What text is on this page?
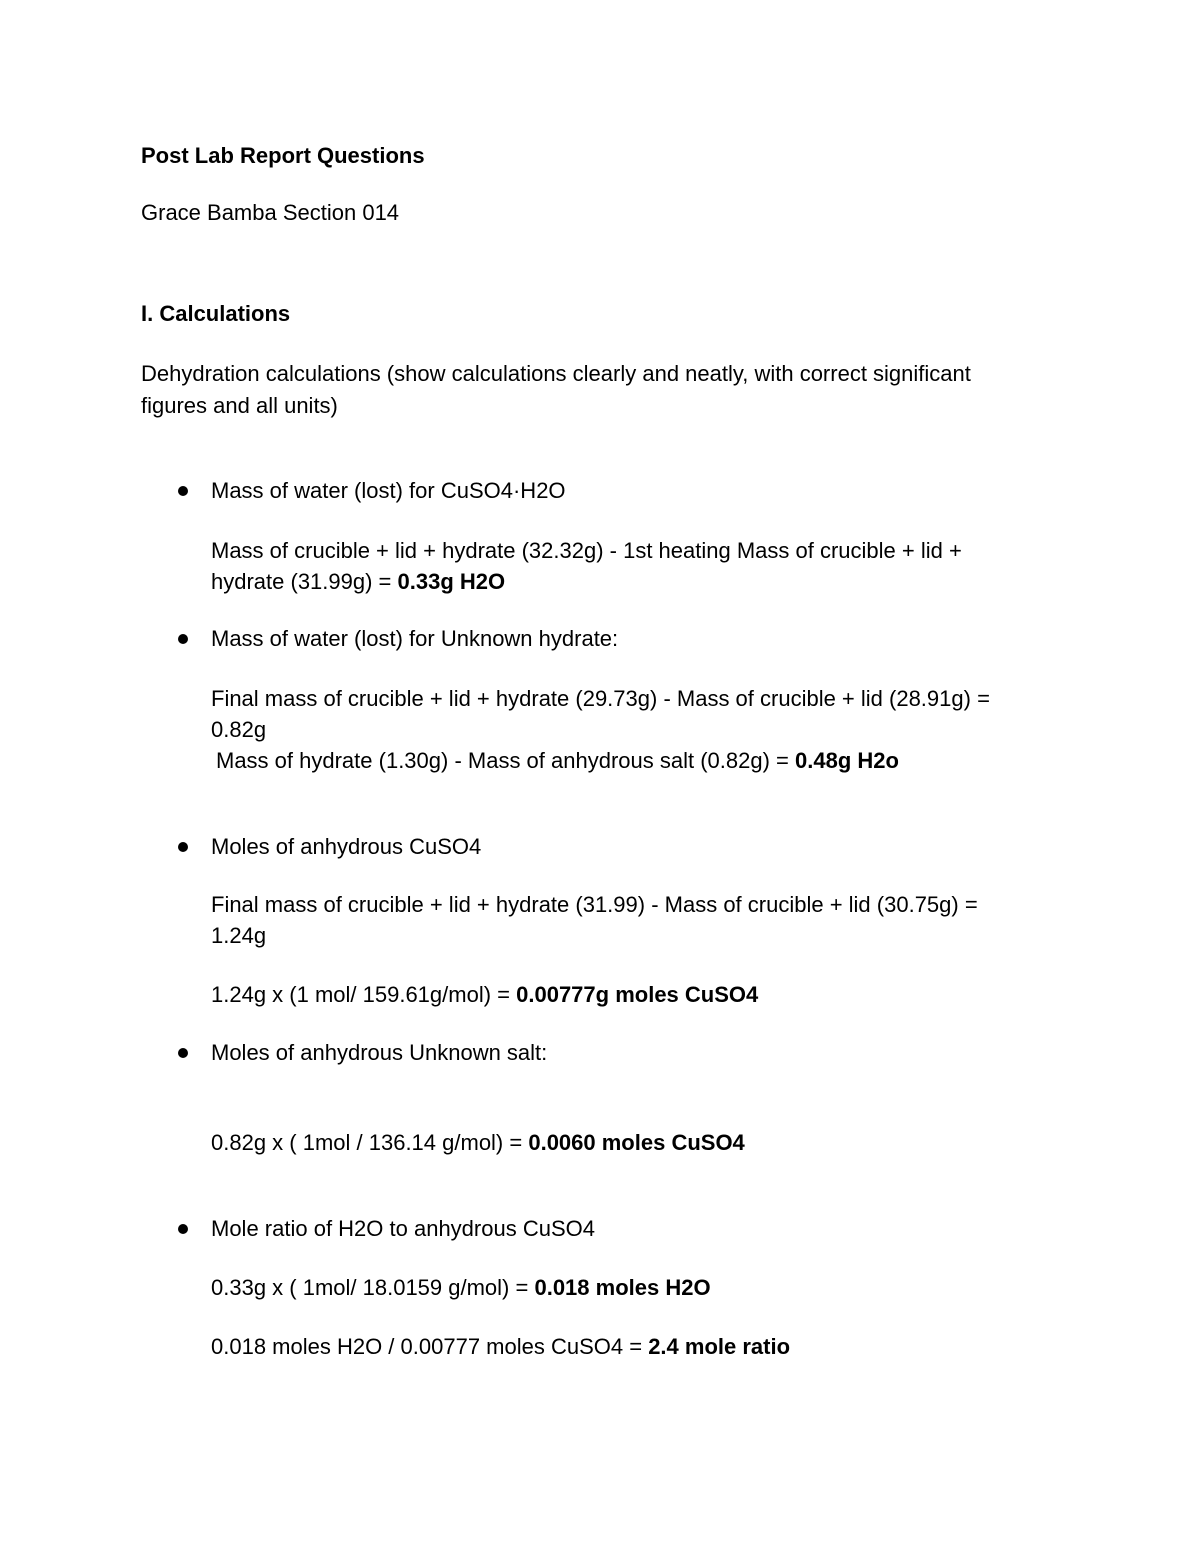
Post Lab Report Questions
Grace Bamba Section 014
I. Calculations
Dehydration calculations (show calculations clearly and neatly, with correct significant
figures and all units)
Mass of water (lost) for CuSO4·H2O
Mass of crucible + lid + hydrate (32.32g) - 1st heating Mass of crucible + lid +
hydrate (31.99g) = 0.33g H2O
Mass of water (lost) for Unknown hydrate:
Final mass of crucible + lid + hydrate (29.73g) - Mass of crucible + lid (28.91g) =
0.82g
Mass of hydrate (1.30g) - Mass of anhydrous salt (0.82g) = 0.48g H2o
Moles of anhydrous CuSO4
Final mass of crucible + lid + hydrate (31.99) - Mass of crucible + lid (30.75g) =
1.24g
1.24g x (1 mol/ 159.61g/mol) = 0.00777g moles CuSO4
Moles of anhydrous Unknown salt:
0.82g x ( 1mol / 136.14 g/mol) = 0.0060 moles CuSO4
Mole ratio of H2O to anhydrous CuSO4
0.33g x ( 1mol/ 18.0159 g/mol) = 0.018 moles H2O
0.018 moles H2O / 0.00777 moles CuSO4 = 2.4 mole ratio
